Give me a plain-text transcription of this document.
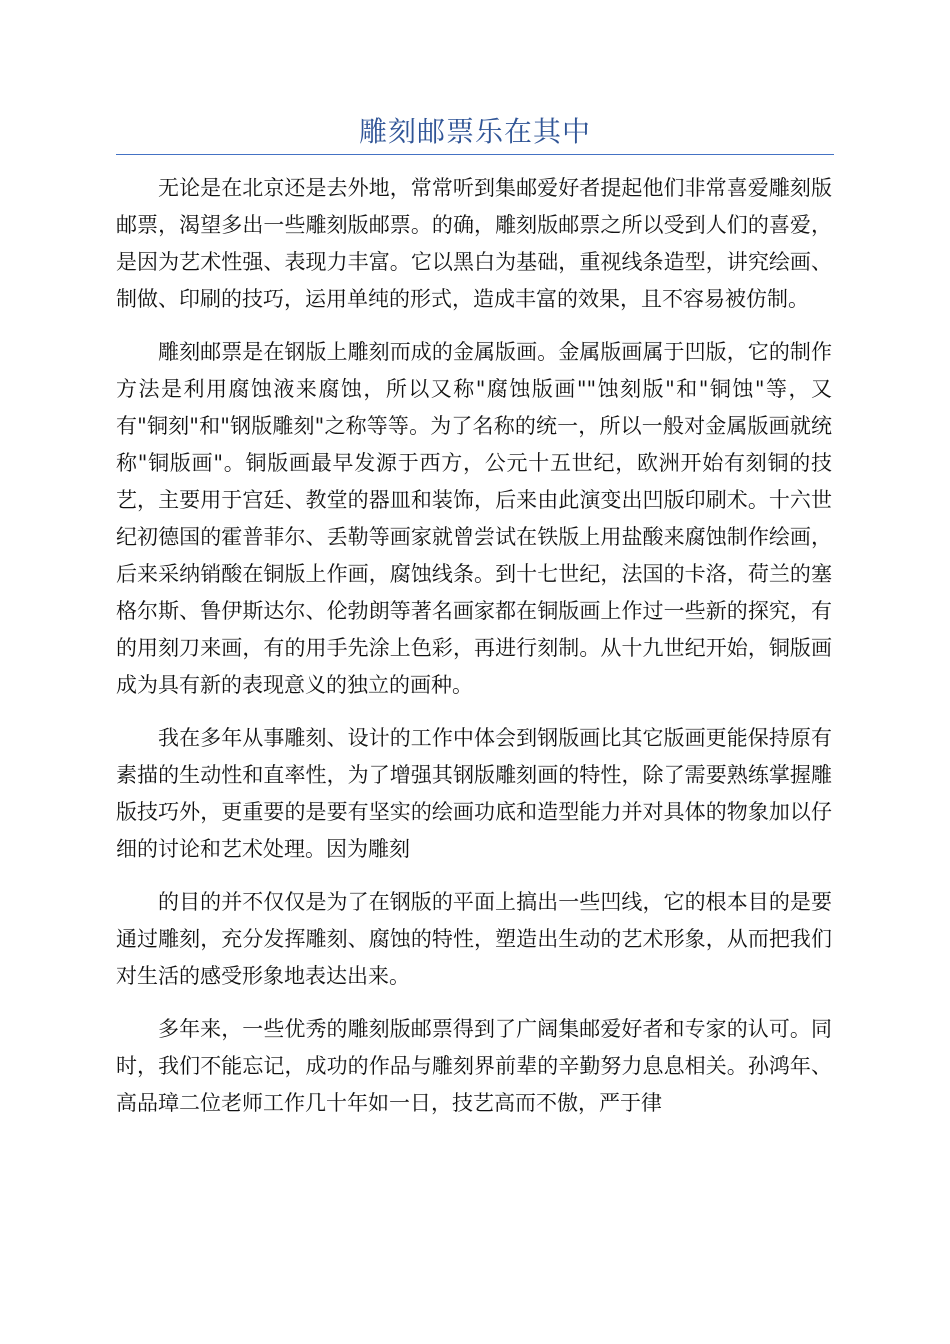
雕刻邮票乐在其中

无论是在北京还是去外地，常常听到集邮爱好者提起他们非常喜爱雕刻版邮票，渴望多出一些雕刻版邮票。的确，雕刻版邮票之所以受到人们的喜爱，是因为艺术性强、表现力丰富。它以黑白为基础，重视线条造型，讲究绘画、制做、印刷的技巧，运用单纯的形式，造成丰富的效果，且不容易被仿制。

雕刻邮票是在钢版上雕刻而成的金属版画。金属版画属于凹版，它的制作方法是利用腐蚀液来腐蚀，所以又称"腐蚀版画""蚀刻版"和"铜蚀"等，又有"铜刻"和"钢版雕刻"之称等等。为了名称的统一，所以一般对金属版画就统称"铜版画"。铜版画最早发源于西方，公元十五世纪，欧洲开始有刻铜的技艺，主要用于宫廷、教堂的器皿和装饰，后来由此演变出凹版印刷术。十六世纪初德国的霍普菲尔、丢勒等画家就曾尝试在铁版上用盐酸来腐蚀制作绘画，后来采纳销酸在铜版上作画，腐蚀线条。到十七世纪，法国的卡洛，荷兰的塞格尔斯、鲁伊斯达尔、伦勃朗等著名画家都在铜版画上作过一些新的探究，有的用刻刀来画，有的用手先涂上色彩，再进行刻制。从十九世纪开始，铜版画成为具有新的表现意义的独立的画种。

我在多年从事雕刻、设计的工作中体会到钢版画比其它版画更能保持原有素描的生动性和直率性，为了增强其钢版雕刻画的特性，除了需要熟练掌握雕版技巧外，更重要的是要有坚实的绘画功底和造型能力并对具体的物象加以仔细的讨论和艺术处理。因为雕刻

的目的并不仅仅是为了在钢版的平面上搞出一些凹线，它的根本目的是要通过雕刻，充分发挥雕刻、腐蚀的特性，塑造出生动的艺术形象，从而把我们对生活的感受形象地表达出来。

多年来，一些优秀的雕刻版邮票得到了广阔集邮爱好者和专家的认可。同时，我们不能忘记，成功的作品与雕刻界前辈的辛勤努力息息相关。孙鸿年、高品璋二位老师工作几十年如一日，技艺高而不傲，严于律
